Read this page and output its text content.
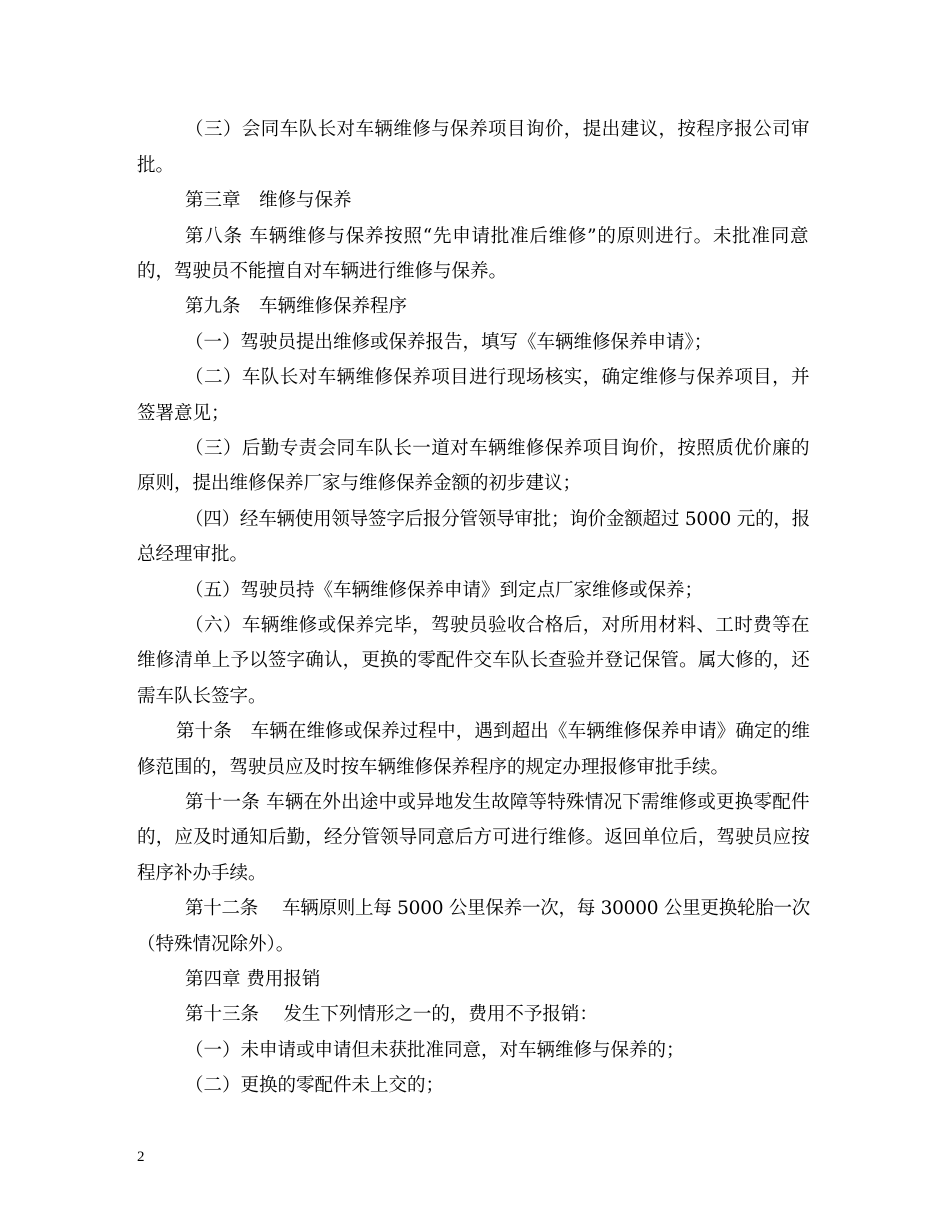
（三）会同车队长对车辆维修与保养项目询价，提出建议，按程序报公司审

批。

第三章　维修与保养

第八条 车辆维修与保养按照“先申请批准后维修”的原则进行。未批准同意

的，驾驶员不能擅自对车辆进行维修与保养。

第九条　车辆维修保养程序

（一）驾驶员提出维修或保养报告，填写《车辆维修保养申请》；

（二）车队长对车辆维修保养项目进行现场核实，确定维修与保养项目，并

签署意见；

（三）后勤专责会同车队长一道对车辆维修保养项目询价，按照质优价廉的

原则，提出维修保养厂家与维修保养金额的初步建议；

（四）经车辆使用领导签字后报分管领导审批；询价金额超过 5000 元的，报

总经理审批。

（五）驾驶员持《车辆维修保养申请》到定点厂家维修或保养；

（六）车辆维修或保养完毕，驾驶员验收合格后，对所用材料、工时费等在

维修清单上予以签字确认，更换的零配件交车队长查验并登记保管。属大修的，还

需车队长签字。

第十条　车辆在维修或保养过程中，遇到超出《车辆维修保养申请》确定的维

修范围的，驾驶员应及时按车辆维修保养程序的规定办理报修审批手续。

第十一条 车辆在外出途中或异地发生故障等特殊情况下需维修或更换零配件

的，应及时通知后勤，经分管领导同意后方可进行维修。返回单位后，驾驶员应按

程序补办手续。

第十二条　 车辆原则上每 5000 公里保养一次，每 30000 公里更换轮胎一次

（特殊情况除外）。

第四章 费用报销

第十三条　 发生下列情形之一的，费用不予报销：

（一）未申请或申请但未获批准同意，对车辆维修与保养的；

（二）更换的零配件未上交的；

2
